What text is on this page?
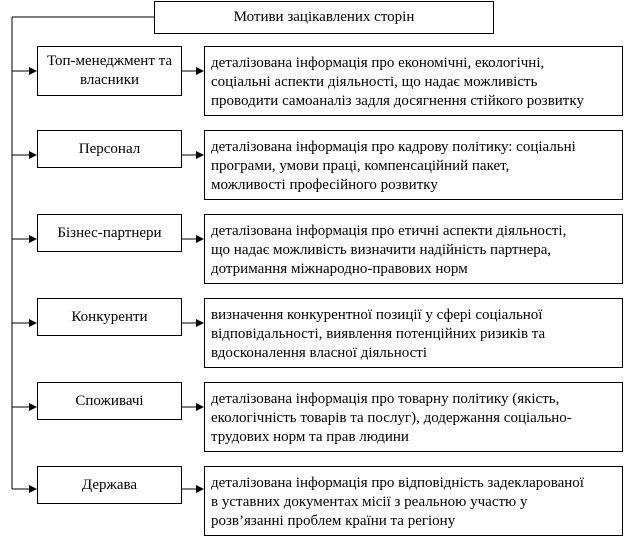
Мотиви зацікавлених сторін
Топ-менеджмент та власники
деталізована інформація про економічні, екологічні,
соціальні аспекти діяльності, що надає можливість
проводити самоаналіз задля досягнення стійкого розвитку
Персонал	деталізована інформація про кадрову політику: соціальні
програми, умови праці, компенсаційний пакет,
можливості професійного розвитку
Бізнес-партнери	деталізована інформація про етичні аспекти діяльності,
що надає можливість визначити надійність партнера,
дотримання міжнародно-правових норм
Конкуренти	визначення конкурентної позиції у сфері соціальної
відповідальності, виявлення потенційних ризиків та
вдосконалення власної діяльності
Споживачі	деталізована інформація про товарну політику (якість,
екологічність товарів та послуг), додержання соціально-
трудових норм та прав людини
Держава	деталізована інформація про відповідність задекларованої
в уставних документах місії з реальною участю у
розв’язанні проблем країни та регіону
